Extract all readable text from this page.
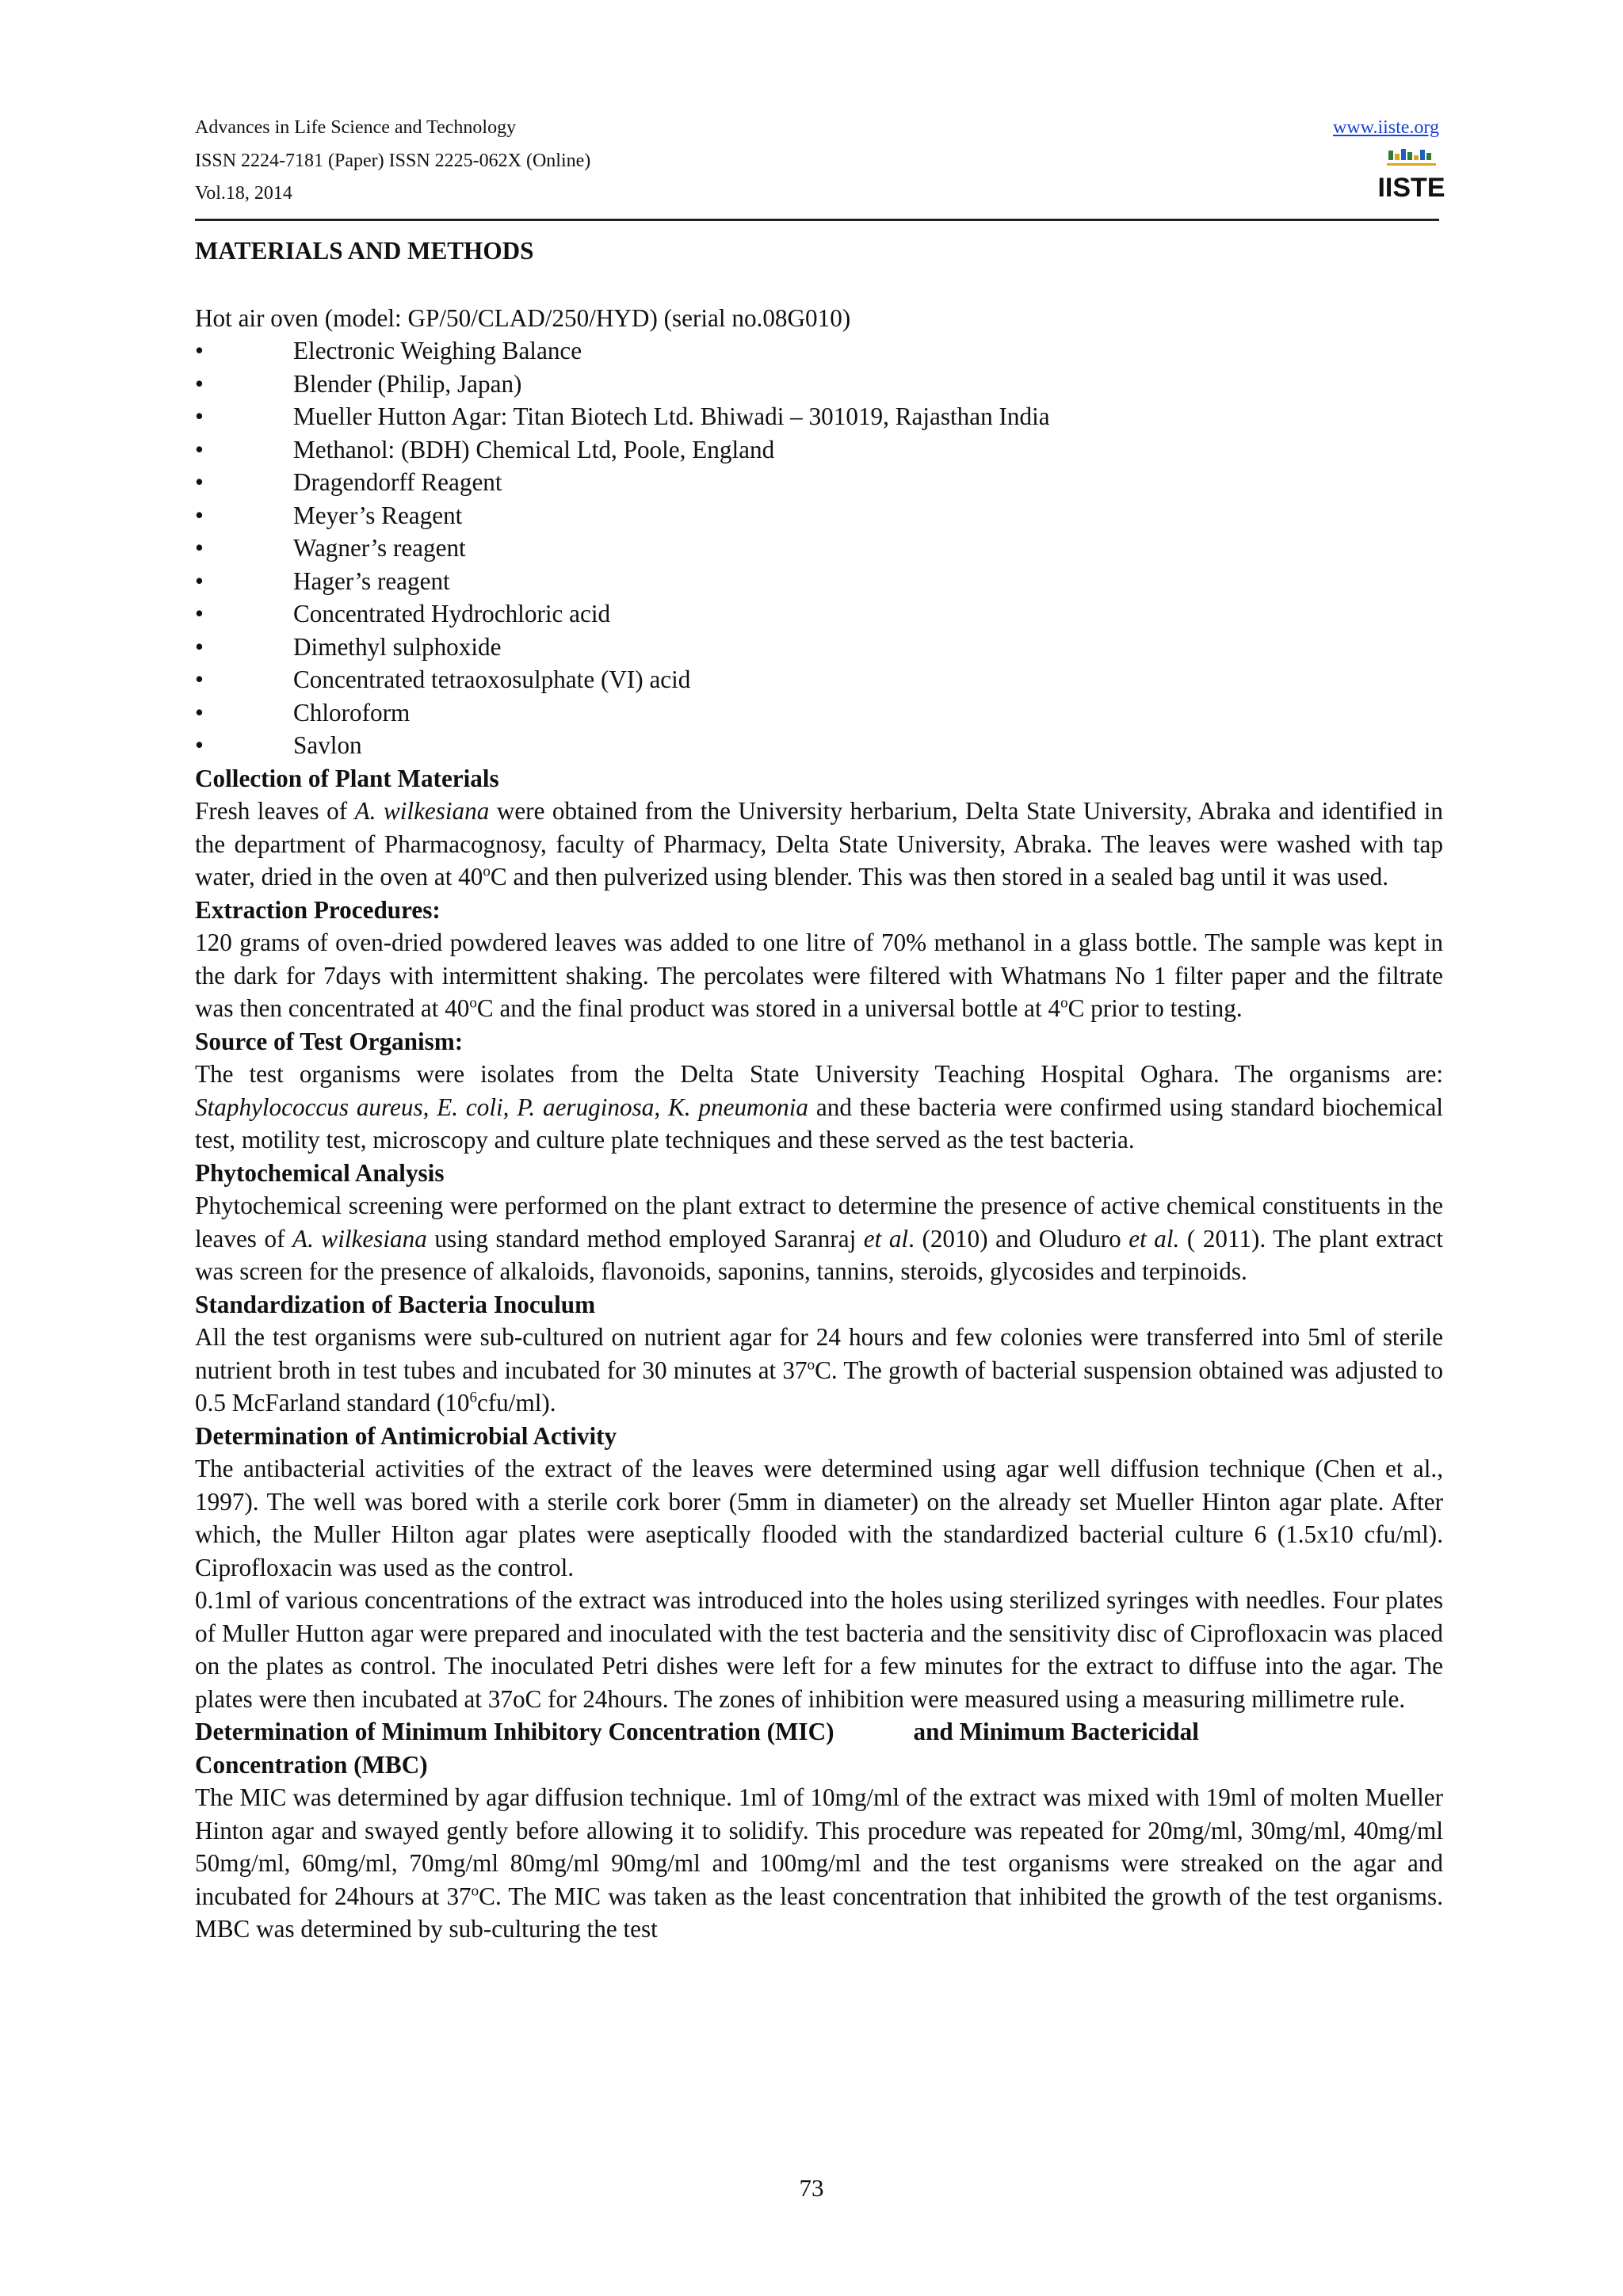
Advances in Life Science and Technology
ISSN 2224-7181 (Paper) ISSN 2225-062X (Online)
Vol.18, 2014
www.iiste.org
IISTE

MATERIALS AND METHODS

Hot air oven (model: GP/50/CLAD/250/HYD) (serial no.08G010)

• Electronic Weighing Balance
• Blender (Philip, Japan)
• Mueller Hutton Agar: Titan Biotech Ltd. Bhiwadi – 301019, Rajasthan India
• Methanol: (BDH) Chemical Ltd, Poole, England
• Dragendorff Reagent
• Meyer’s Reagent
• Wagner’s reagent
• Hager’s reagent
• Concentrated Hydrochloric acid
• Dimethyl sulphoxide
• Concentrated tetraoxosulphate (VI) acid
• Chloroform
• Savlon

Collection of Plant Materials

Fresh leaves of A. wilkesiana were obtained from the University herbarium, Delta State University, Abraka and identified in the department of Pharmacognosy, faculty of Pharmacy, Delta State University, Abraka. The leaves were washed with tap water, dried in the oven at 40$^o$C and then pulverized using blender. This was then stored in a sealed bag until it was used.

Extraction Procedures:

120 grams of oven-dried powdered leaves was added to one litre of 70% methanol in a glass bottle. The sample was kept in the dark for 7days with intermittent shaking. The percolates were filtered with Whatmans No 1 filter paper and the filtrate was then concentrated at 40$^o$C and the final product was stored in a universal bottle at 4$^o$C prior to testing.

Source of Test Organism:

The test organisms were isolates from the Delta State University Teaching Hospital Oghara. The organisms are: Staphylococcus aureus, E. coli, P. aeruginosa, K. pneumonia and these bacteria were confirmed using standard biochemical test, motility test, microscopy and culture plate techniques and these served as the test bacteria.

Phytochemical Analysis

Phytochemical screening were performed on the plant extract to determine the presence of active chemical constituents in the leaves of A. wilkesiana using standard method employed Saranraj et al. (2010) and Oluduro et al. ( 2011). The plant extract was screen for the presence of alkaloids, flavonoids, saponins, tannins, steroids, glycosides and terpinoids.

Standardization of Bacteria Inoculum

All the test organisms were sub-cultured on nutrient agar for 24 hours and few colonies were transferred into 5ml of sterile nutrient broth in test tubes and incubated for 30 minutes at 37$^o$C. The growth of bacterial suspension obtained was adjusted to 0.5 McFarland standard $(10^6cfu/ml)$.

Determination of Antimicrobial Activity

The antibacterial activities of the extract of the leaves were determined using agar well diffusion technique (Chen et al., 1997). The well was bored with a sterile cork borer (5mm in diameter) on the already set Mueller Hinton agar plate. After which, the Muller Hilton agar plates were aseptically flooded with the standardized bacterial culture 6 (1.5x10 cfu/ml). Ciprofloxacin was used as the control.

0.1ml of various concentrations of the extract was introduced into the holes using sterilized syringes with needles. Four plates of Muller Hutton agar were prepared and inoculated with the test bacteria and the sensitivity disc of Ciprofloxacin was placed on the plates as control. The inoculated Petri dishes were left for a few minutes for the extract to diffuse into the agar. The plates were then incubated at 37oC for 24hours. The zones of inhibition were measured using a measuring millimetre rule.

Determination of Minimum Inhibitory Concentration (MIC)	and Minimum Bactericidal
Concentration (MBC)

The MIC was determined by agar diffusion technique. 1ml of 10mg/ml of the extract was mixed with 19ml of molten Mueller Hinton agar and swayed gently before allowing it to solidify. This procedure was repeated for 20mg/ml, 30mg/ml, 40mg/ml 50mg/ml, 60mg/ml, 70mg/ml 80mg/ml 90mg/ml and 100mg/ml and the test organisms were streaked on the agar and incubated for 24hours at 37$^o$C. The MIC was taken as the least concentration that inhibited the growth of the test organisms. MBC was determined by sub-culturing the test

73
